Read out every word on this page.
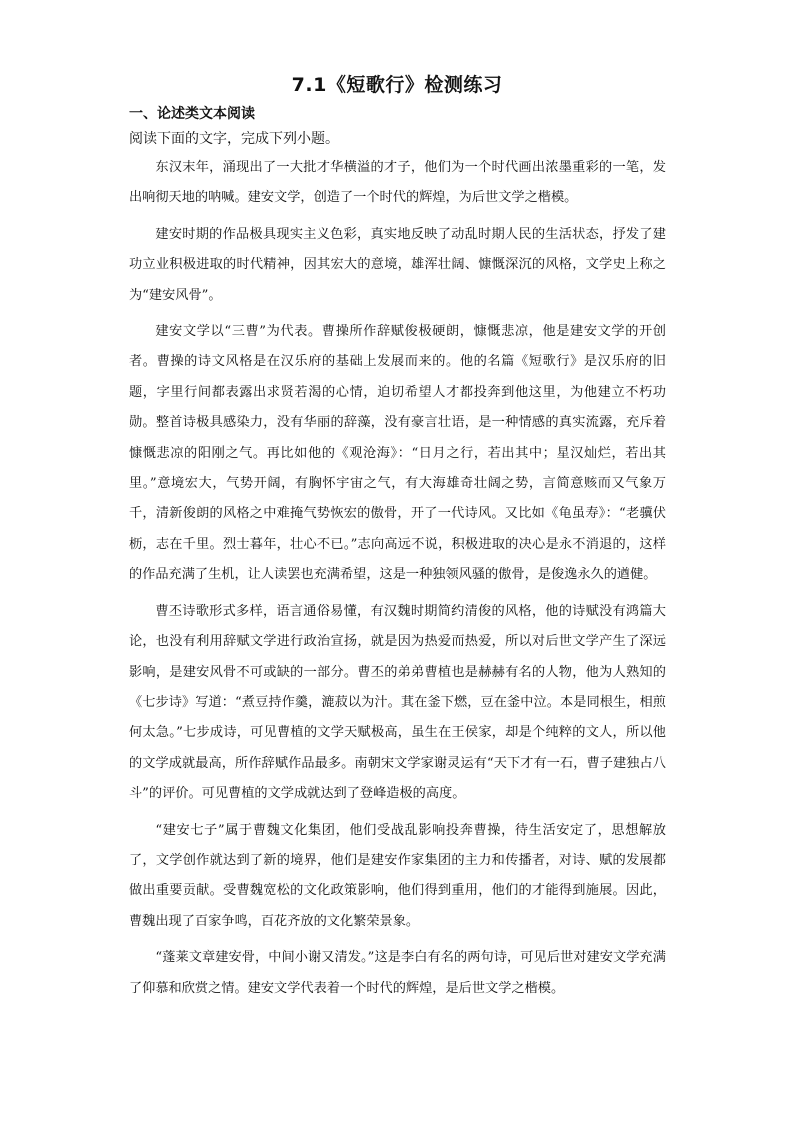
7.1《短歌行》检测练习
一、论述类文本阅读
阅读下面的文字，完成下列小题。

东汉末年，涌现出了一大批才华横溢的才子，他们为一个时代画出浓墨重彩的一笔，发出响彻天地的呐喊。建安文学，创造了一个时代的辉煌，为后世文学之楷模。

建安时期的作品极具现实主义色彩，真实地反映了动乱时期人民的生活状态，抒发了建功立业积极进取的时代精神，因其宏大的意境，雄浑壮阔、慷慨深沉的风格，文学史上称之为“建安风骨”。

建安文学以“三曹”为代表。曹操所作辞赋俊极硬朗，慷慨悲凉，他是建安文学的开创者。曹操的诗文风格是在汉乐府的基础上发展而来的。他的名篇《短歌行》是汉乐府的旧题，字里行间都表露出求贤若渴的心情，迫切希望人才都投奔到他这里，为他建立不朽功勋。整首诗极具感染力，没有华丽的辞藻，没有豪言壮语，是一种情感的真实流露，充斥着慷慨悲凉的阳刚之气。再比如他的《观沧海》：“日月之行，若出其中；星汉灿烂，若出其里。”意境宏大，气势开阔，有胸怀宇宙之气，有大海雄奇壮阔之势，言简意赅而又气象万千，清新俊朗的风格之中难掩气势恢宏的傲骨，开了一代诗风。又比如《龟虽寿》：“老骥伏枥，志在千里。烈士暮年，壮心不已。”志向高远不说，积极进取的决心是永不消退的，这样的作品充满了生机，让人读罢也充满希望，这是一种独领风骚的傲骨，是俊逸永久的遒健。

曹丕诗歌形式多样，语言通俗易懂，有汉魏时期简约清俊的风格，他的诗赋没有鸿篇大论，也没有利用辞赋文学进行政治宣扬，就是因为热爱而热爱，所以对后世文学产生了深远影响，是建安风骨不可或缺的一部分。曹丕的弟弟曹植也是赫赫有名的人物，他为人熟知的《七步诗》写道：“煮豆持作羹，漉菽以为汁。萁在釜下燃，豆在釜中泣。本是同根生，相煎何太急。”七步成诗，可见曹植的文学天赋极高，虽生在王侯家，却是个纯粹的文人，所以他的文学成就最高，所作辞赋作品最多。南朝宋文学家谢灵运有“天下才有一石，曹子建独占八斗”的评价。可见曹植的文学成就达到了登峰造极的高度。

“建安七子”属于曹魏文化集团，他们受战乱影响投奔曹操，待生活安定了，思想解放了，文学创作就达到了新的境界，他们是建安作家集团的主力和传播者，对诗、赋的发展都做出重要贡献。受曹魏宽松的文化政策影响，他们得到重用，他们的才能得到施展。因此，曹魏出现了百家争鸣，百花齐放的文化繁荣景象。

“蓬莱文章建安骨，中间小谢又清发。”这是李白有名的两句诗，可见后世对建安文学充满了仰慕和欣赏之情。建安文学代表着一个时代的辉煌，是后世文学之楷模。
